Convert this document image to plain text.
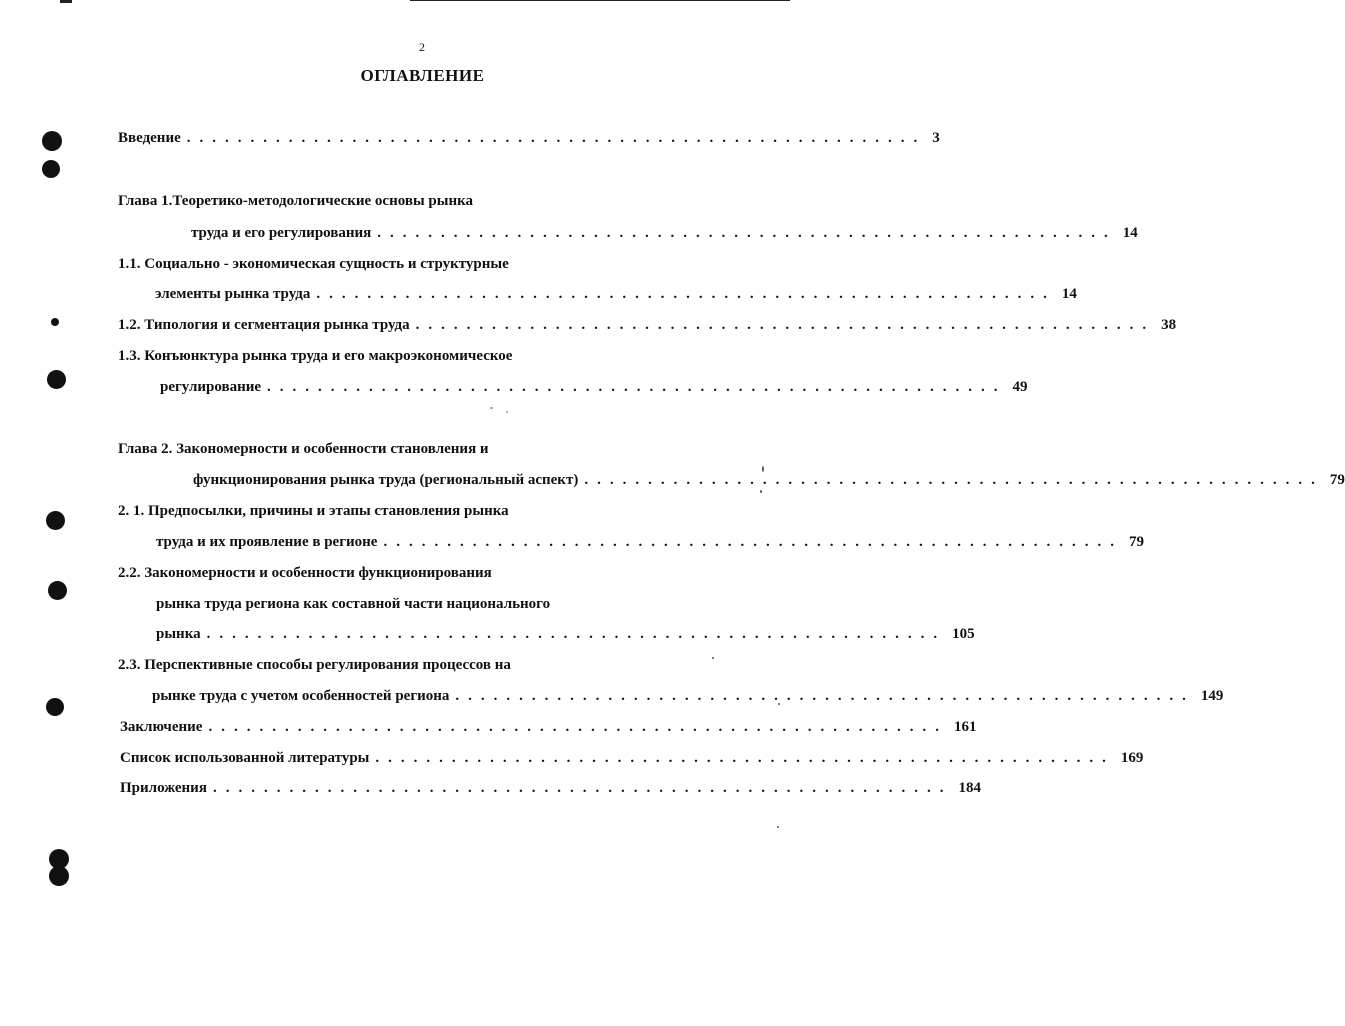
2
ОГЛАВЛЕНИЕ
Введение .......................................................... 3
Глава 1.Теоретико-методологические основы рынка
труда и его регулирования .......................................................... 14
1.1. Социально - экономическая сущность и структурные
элементы рынка труда .......................................................... 14
1.2. Типология и сегментация рынка труда .......................................................... 38
1.3. Конъюнктура рынка труда и его макроэкономическое
регулирование .......................................................... 49
Глава 2. Закономерности и особенности становления и
функционирования рынка труда (региональный аспект) .......................................................... 79
2. 1. Предпосылки, причины и этапы становления рынка
труда и их проявление в регионе .......................................................... 79
2.2. Закономерности и особенности функционирования
рынка труда региона как составной части национального
рынка .......................................................... 105
2.3. Перспективные способы регулирования процессов на
рынке труда с учетом особенностей региона .......................................................... 149
Заключение .......................................................... 161
Список использованной литературы .......................................................... 169
Приложения .......................................................... 184
